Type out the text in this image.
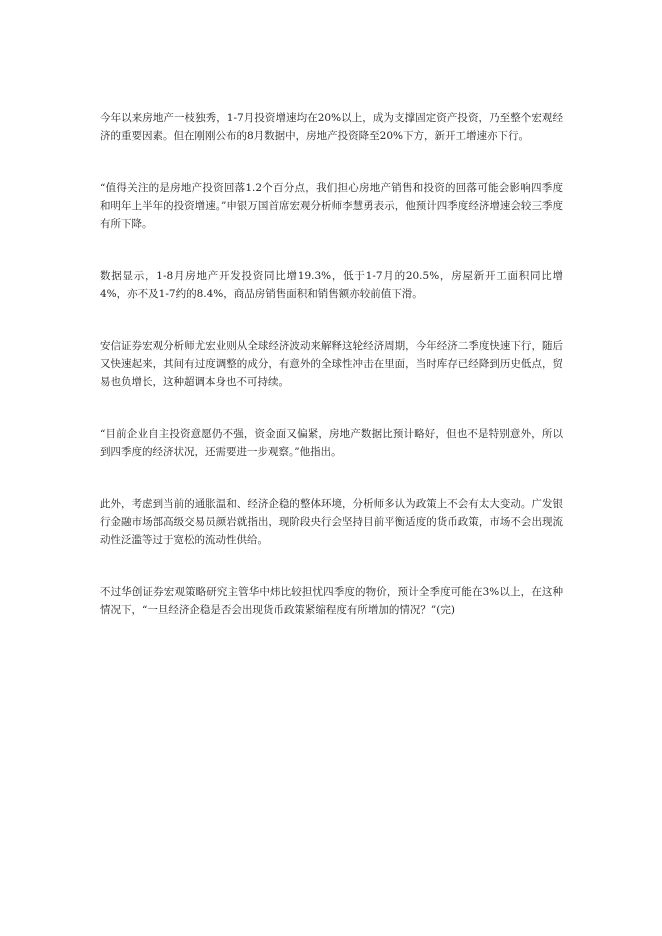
今年以来房地产一枝独秀，1-7月投资增速均在20%以上，成为支撑固定资产投资，乃至整个宏观经济的重要因素。但在刚刚公布的8月数据中，房地产投资降至20%下方，新开工增速亦下行。

“值得关注的是房地产投资回落1.2个百分点，我们担心房地产销售和投资的回落可能会影响四季度和明年上半年的投资增速。”申银万国首席宏观分析师李慧勇表示，他预计四季度经济增速会较三季度有所下降。

数据显示，1-8月房地产开发投资同比增19.3%，低于1-7月的20.5%，房屋新开工面积同比增4%，亦不及1-7约的8.4%，商品房销售面积和销售额亦较前值下滑。

安信证券宏观分析师尤宏业则从全球经济波动来解释这轮经济周期，今年经济二季度快速下行，随后又快速起来，其间有过度调整的成分，有意外的全球性冲击在里面，当时库存已经降到历史低点，贸易也负增长，这种超调本身也不可持续。

“目前企业自主投资意愿仍不强，资金面又偏紧，房地产数据比预计略好，但也不是特别意外，所以到四季度的经济状况，还需要进一步观察。”他指出。

此外，考虑到当前的通胀温和、经济企稳的整体环境，分析师多认为政策上不会有太大变动。广发银行金融市场部高级交易员颜岩就指出，现阶段央行会坚持目前平衡适度的货币政策，市场不会出现流动性泛滥等过于宽松的流动性供给。

不过华创证券宏观策略研究主管华中炜比较担忧四季度的物价，预计全季度可能在3%以上，在这种情况下，“一旦经济企稳是否会出现货币政策紧缩程度有所增加的情况？”(完)
